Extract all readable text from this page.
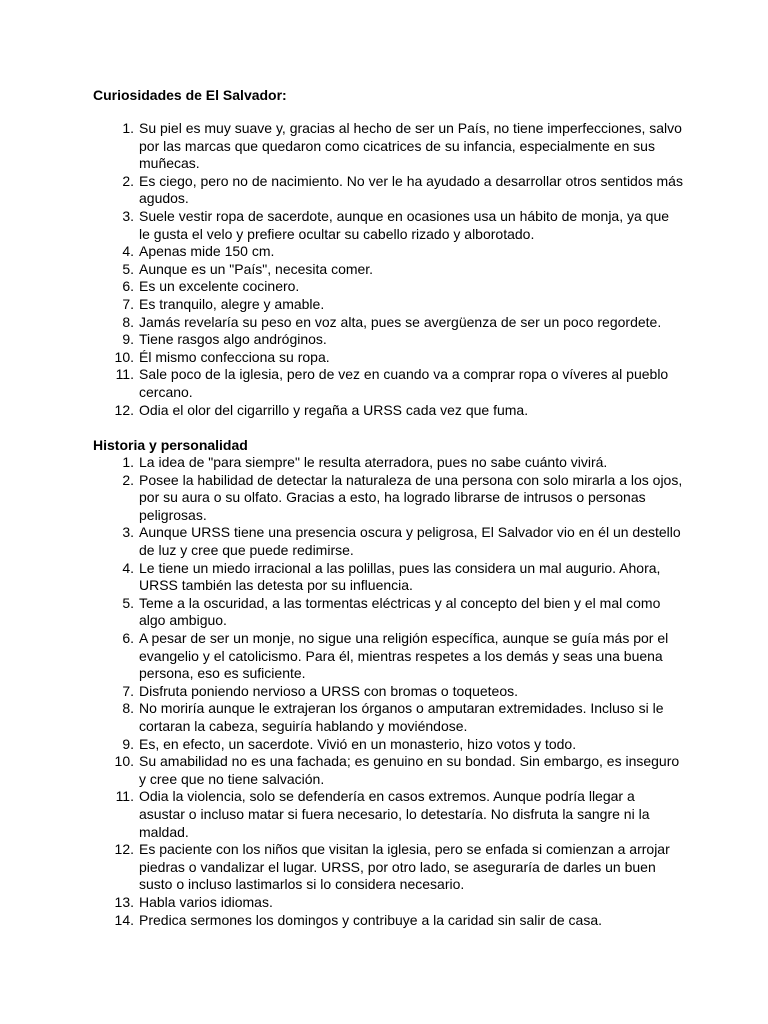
Curiosidades de El Salvador:

1. Su piel es muy suave y, gracias al hecho de ser un País, no tiene imperfecciones, salvo por las marcas que quedaron como cicatrices de su infancia, especialmente en sus muñecas.
2. Es ciego, pero no de nacimiento. No ver le ha ayudado a desarrollar otros sentidos más agudos.
3. Suele vestir ropa de sacerdote, aunque en ocasiones usa un hábito de monja, ya que le gusta el velo y prefiere ocultar su cabello rizado y alborotado.
4. Apenas mide 150 cm.
5. Aunque es un "País", necesita comer.
6. Es un excelente cocinero.
7. Es tranquilo, alegre y amable.
8. Jamás revelaría su peso en voz alta, pues se avergüenza de ser un poco regordete.
9. Tiene rasgos algo andróginos.
10. Él mismo confecciona su ropa.
11. Sale poco de la iglesia, pero de vez en cuando va a comprar ropa o víveres al pueblo cercano.
12. Odia el olor del cigarrillo y regaña a URSS cada vez que fuma.

Historia y personalidad

1. La idea de "para siempre" le resulta aterradora, pues no sabe cuánto vivirá.
2. Posee la habilidad de detectar la naturaleza de una persona con solo mirarla a los ojos, por su aura o su olfato. Gracias a esto, ha logrado librarse de intrusos o personas peligrosas.
3. Aunque URSS tiene una presencia oscura y peligrosa, El Salvador vio en él un destello de luz y cree que puede redimirse.
4. Le tiene un miedo irracional a las polillas, pues las considera un mal augurio. Ahora, URSS también las detesta por su influencia.
5. Teme a la oscuridad, a las tormentas eléctricas y al concepto del bien y el mal como algo ambiguo.
6. A pesar de ser un monje, no sigue una religión específica, aunque se guía más por el evangelio y el catolicismo. Para él, mientras respetes a los demás y seas una buena persona, eso es suficiente.
7. Disfruta poniendo nervioso a URSS con bromas o toqueteos.
8. No moriría aunque le extrajeran los órganos o amputaran extremidades. Incluso si le cortaran la cabeza, seguiría hablando y moviéndose.
9. Es, en efecto, un sacerdote. Vivió en un monasterio, hizo votos y todo.
10. Su amabilidad no es una fachada; es genuino en su bondad. Sin embargo, es inseguro y cree que no tiene salvación.
11. Odia la violencia, solo se defendería en casos extremos. Aunque podría llegar a asustar o incluso matar si fuera necesario, lo detestaría. No disfruta la sangre ni la maldad.
12. Es paciente con los niños que visitan la iglesia, pero se enfada si comienzan a arrojar piedras o vandalizar el lugar. URSS, por otro lado, se aseguraría de darles un buen susto o incluso lastimarlos si lo considera necesario.
13. Habla varios idiomas.
14. Predica sermones los domingos y contribuye a la caridad sin salir de casa.
